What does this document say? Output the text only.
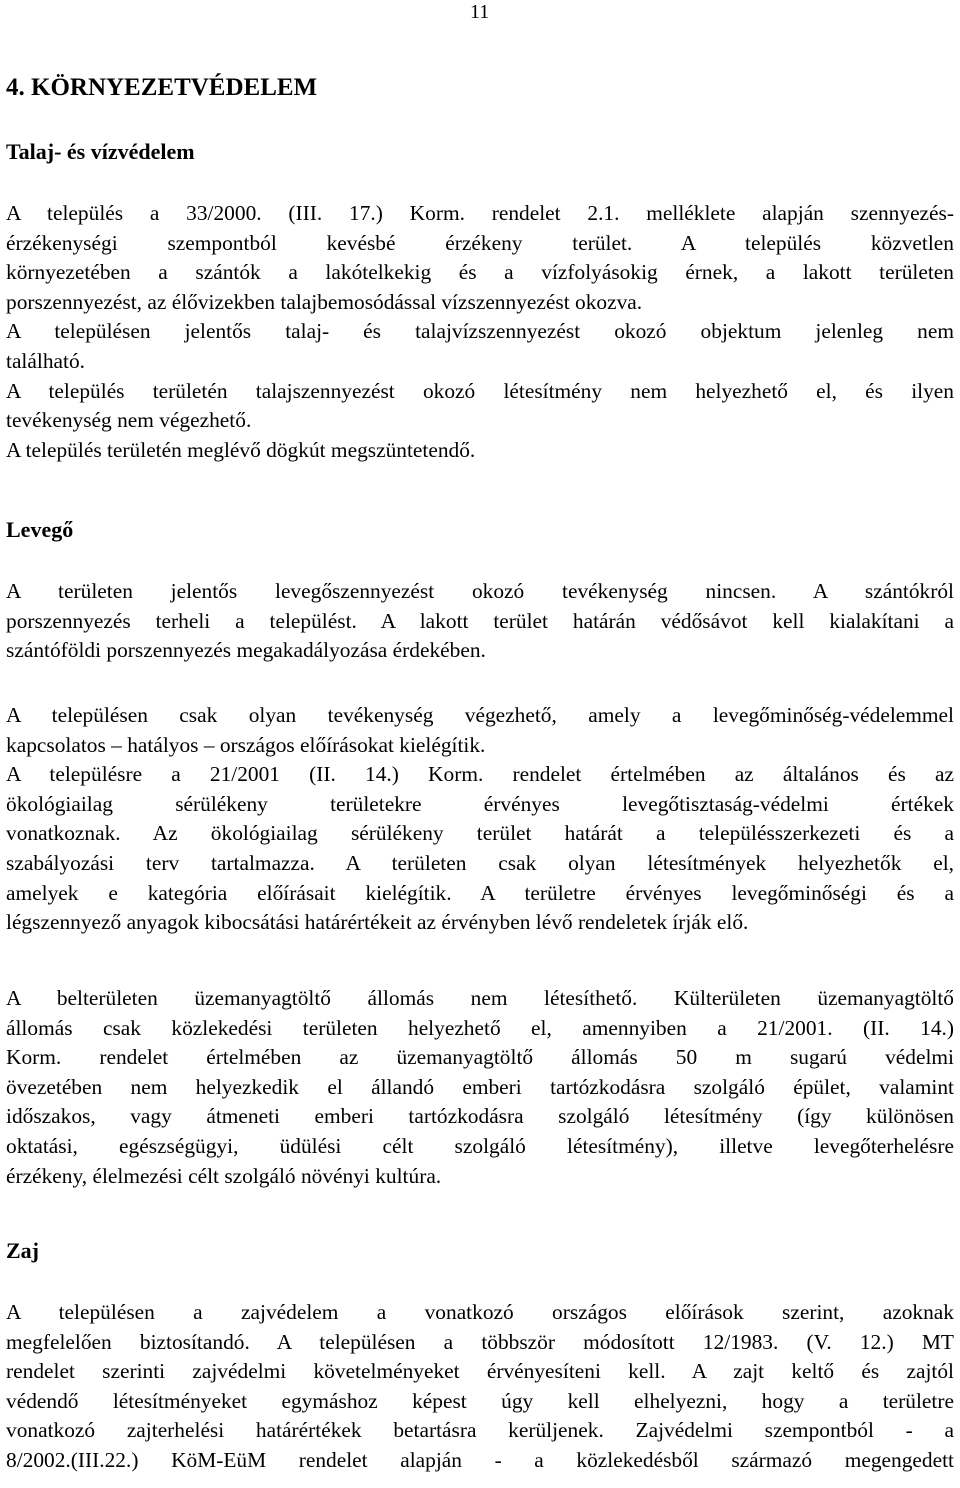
11
4. KÖRNYEZETVÉDELEM
Talaj- és vízvédelem
A település a 33/2000. (III. 17.) Korm. rendelet 2.1. melléklete alapján szennyezés-
érzékenységi szempontból kevésbé érzékeny terület. A település közvetlen
környezetében a szántók a lakótelkekig és a vízfolyásokig érnek, a lakott területen
porszennyezést, az élővizekben talajbemosódással vízszennyezést okozva.
A településen jelentős talaj- és talajvízszennyezést okozó objektum jelenleg nem
található.
A település területén talajszennyezést okozó létesítmény nem helyezhető el, és ilyen
tevékenység nem végezhető.
A település területén meglévő dögkút megszüntetendő.
Levegő
A területen jelentős levegőszennyezést okozó tevékenység nincsen. A szántókról
porszennyezés terheli a települést. A lakott terület határán védősávot kell kialakítani a
szántóföldi porszennyezés megakadályozása érdekében.
A településen csak olyan tevékenység végezhető, amely a levegőminőség-védelemmel
kapcsolatos – hatályos – országos előírásokat kielégítik.
A településre a 21/2001 (II. 14.) Korm. rendelet értelmében az általános és az
ökológiailag sérülékeny területekre érvényes levegőtisztaság-védelmi értékek
vonatkoznak. Az ökológiailag sérülékeny terület határát a településszerkezeti és a
szabályozási terv tartalmazza. A területen csak olyan létesítmények helyezhetők el,
amelyek e kategória előírásait kielégítik. A területre érvényes levegőminőségi és a
légszennyező anyagok kibocsátási határértékeit az érvényben lévő rendeletek írják elő.
A belterületen üzemanyagtöltő állomás nem létesíthető. Külterületen üzemanyagtöltő
állomás csak közlekedési területen helyezhető el, amennyiben a 21/2001. (II. 14.)
Korm. rendelet értelmében az üzemanyagtöltő állomás 50 m sugarú védelmi
övezetében nem helyezkedik el állandó emberi tartózkodásra szolgáló épület, valamint
időszakos, vagy átmeneti emberi tartózkodásra szolgáló létesítmény (így különösen
oktatási, egészségügyi, üdülési célt szolgáló létesítmény), illetve levegőterhelésre
érzékeny, élelmezési célt szolgáló növényi kultúra.
Zaj
A településen a zajvédelem a vonatkozó országos előírások szerint, azoknak
megfelelően biztosítandó. A településen a többször módosított 12/1983. (V. 12.) MT
rendelet szerinti zajvédelmi követelményeket érvényesíteni kell. A zajt keltő és zajtól
védendő létesítményeket egymáshoz képest úgy kell elhelyezni, hogy a területre
vonatkozó zajterhelési határértékek betartásra kerüljenek. Zajvédelmi szempontból - a
8/2002.(III.22.) KöM-EüM rendelet alapján - a közlekedésből származó megengedett
